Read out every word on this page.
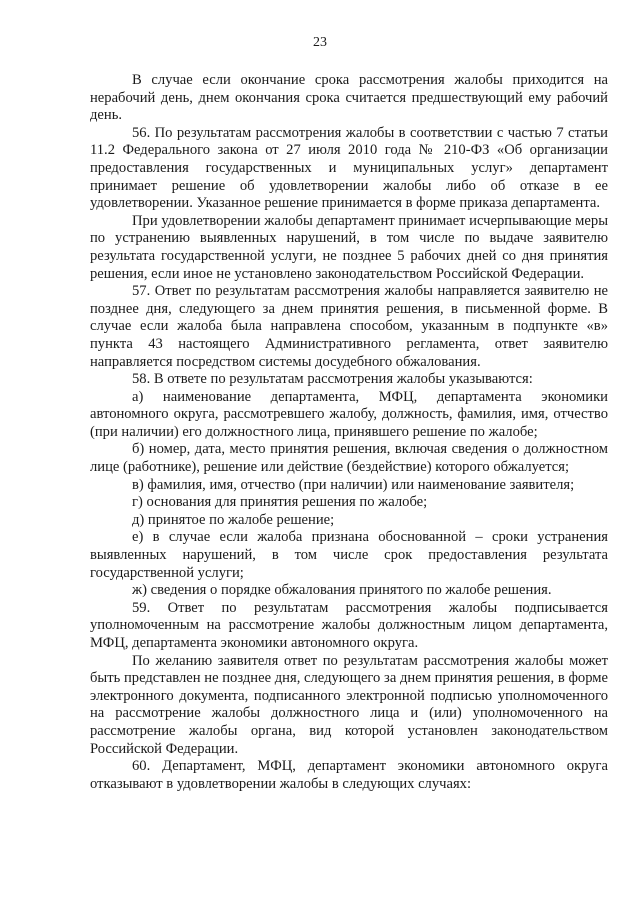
23

В случае если окончание срока рассмотрения жалобы приходится на нерабочий день, днем окончания срока считается предшествующий ему рабочий день.

56. По результатам рассмотрения жалобы в соответствии с частью 7 статьи 11.2 Федерального закона от 27 июля 2010 года № 210-ФЗ «Об организации предоставления государственных и муниципальных услуг» департамент принимает решение об удовлетворении жалобы либо об отказе в ее удовлетворении. Указанное решение принимается в форме приказа департамента.

При удовлетворении жалобы департамент принимает исчерпывающие меры по устранению выявленных нарушений, в том числе по выдаче заявителю результата государственной услуги, не позднее 5 рабочих дней со дня принятия решения, если иное не установлено законодательством Российской Федерации.

57. Ответ по результатам рассмотрения жалобы направляется заявителю не позднее дня, следующего за днем принятия решения, в письменной форме. В случае если жалоба была направлена способом, указанным в подпункте «в» пункта 43 настоящего Административного регламента, ответ заявителю направляется посредством системы досудебного обжалования.

58. В ответе по результатам рассмотрения жалобы указываются:

а) наименование департамента, МФЦ, департамента экономики автономного округа, рассмотревшего жалобу, должность, фамилия, имя, отчество (при наличии) его должностного лица, принявшего решение по жалобе;

б) номер, дата, место принятия решения, включая сведения о должностном лице (работнике), решение или действие (бездействие) которого обжалуется;

в) фамилия, имя, отчество (при наличии) или наименование заявителя;

г) основания для принятия решения по жалобе;

д) принятое по жалобе решение;

е) в случае если жалоба признана обоснованной – сроки устранения выявленных нарушений, в том числе срок предоставления результата государственной услуги;

ж) сведения о порядке обжалования принятого по жалобе решения.

59. Ответ по результатам рассмотрения жалобы подписывается уполномоченным на рассмотрение жалобы должностным лицом департамента, МФЦ, департамента экономики автономного округа.

По желанию заявителя ответ по результатам рассмотрения жалобы может быть представлен не позднее дня, следующего за днем принятия решения, в форме электронного документа, подписанного электронной подписью уполномоченного на рассмотрение жалобы должностного лица и (или) уполномоченного на рассмотрение жалобы органа, вид которой установлен законодательством Российской Федерации.

60. Департамент, МФЦ, департамент экономики автономного округа отказывают в удовлетворении жалобы в следующих случаях:
